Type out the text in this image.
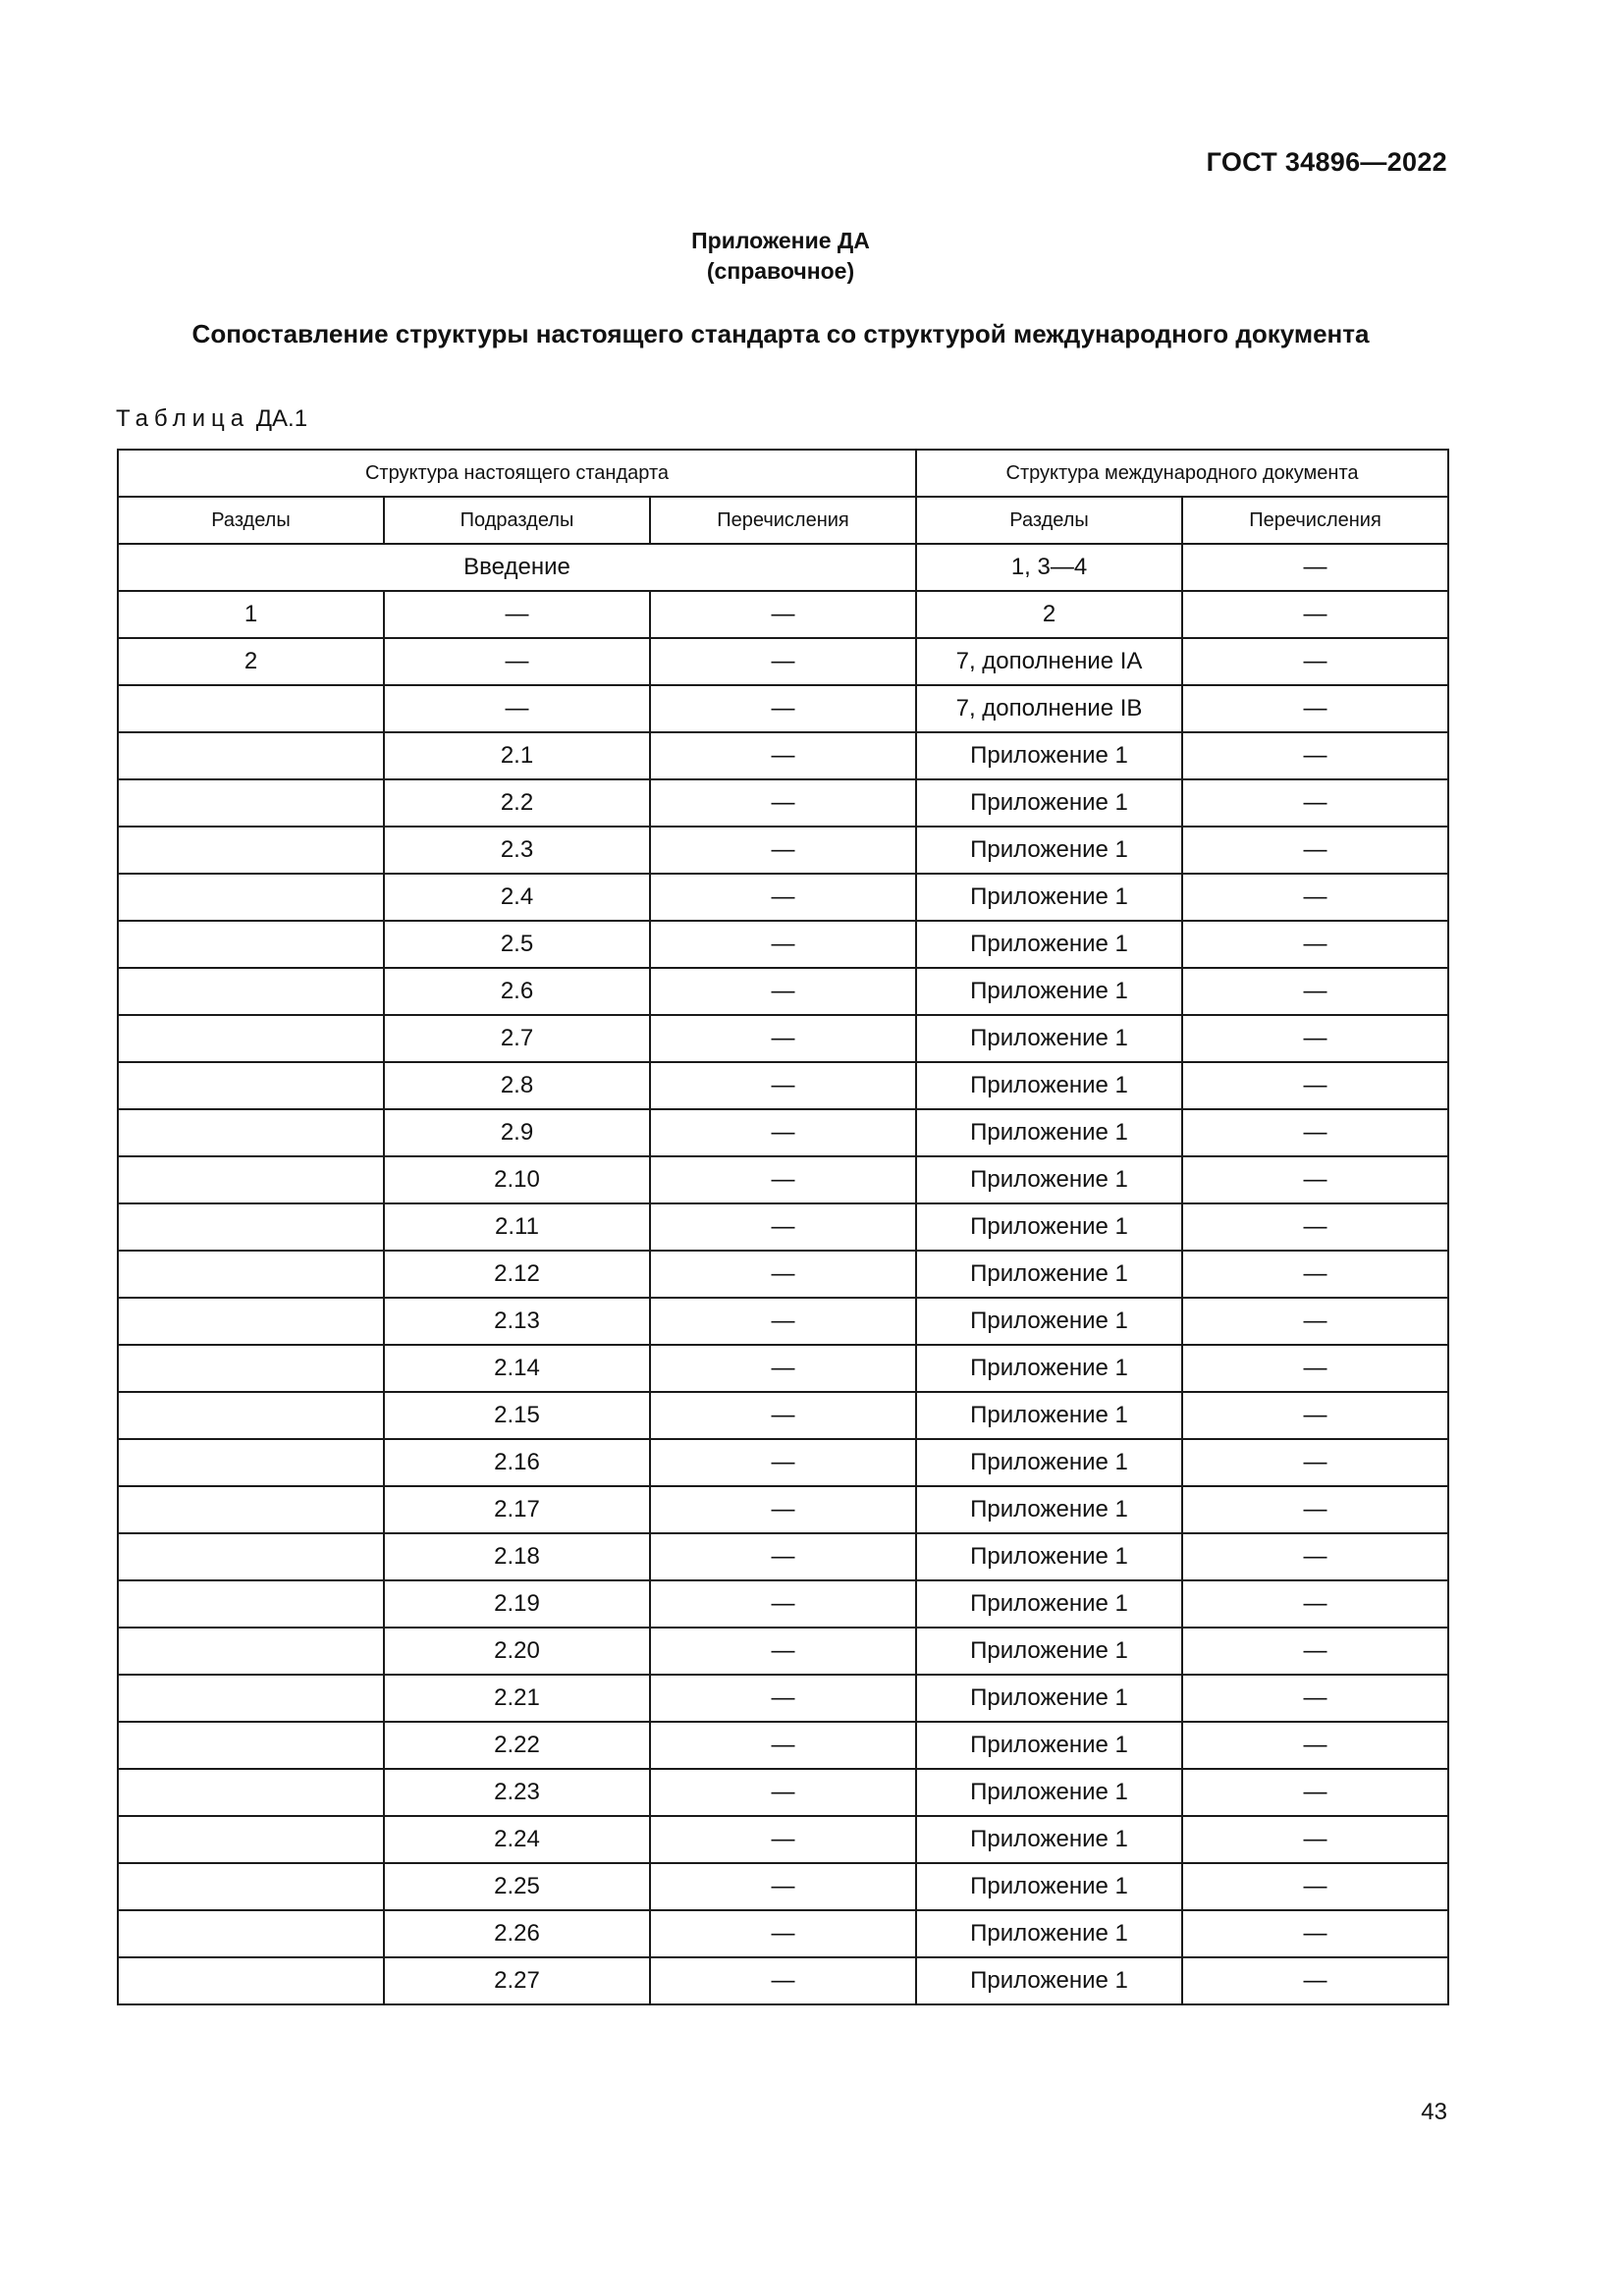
ГОСТ 34896—2022
Приложение ДА
(справочное)
Сопоставление структуры настоящего стандарта со структурой международного документа
Таблица ДА.1
Структура настоящего стандарта			Структура международного документа	
Разделы	Подразделы	Перечисления	Разделы	Перечисления
Введение			1, 3—4	—
1	—	—	2	—
2	—	—	7, дополнение IA	—
	—	—	7, дополнение IB	—
	2.1	—	Приложение 1	—
	2.2	—	Приложение 1	—
	2.3	—	Приложение 1	—
	2.4	—	Приложение 1	—
	2.5	—	Приложение 1	—
	2.6	—	Приложение 1	—
	2.7	—	Приложение 1	—
	2.8	—	Приложение 1	—
	2.9	—	Приложение 1	—
	2.10	—	Приложение 1	—
	2.11	—	Приложение 1	—
	2.12	—	Приложение 1	—
	2.13	—	Приложение 1	—
	2.14	—	Приложение 1	—
	2.15	—	Приложение 1	—
	2.16	—	Приложение 1	—
	2.17	—	Приложение 1	—
	2.18	—	Приложение 1	—
	2.19	—	Приложение 1	—
	2.20	—	Приложение 1	—
	2.21	—	Приложение 1	—
	2.22	—	Приложение 1	—
	2.23	—	Приложение 1	—
	2.24	—	Приложение 1	—
	2.25	—	Приложение 1	—
	2.26	—	Приложение 1	—
	2.27	—	Приложение 1	—
43
